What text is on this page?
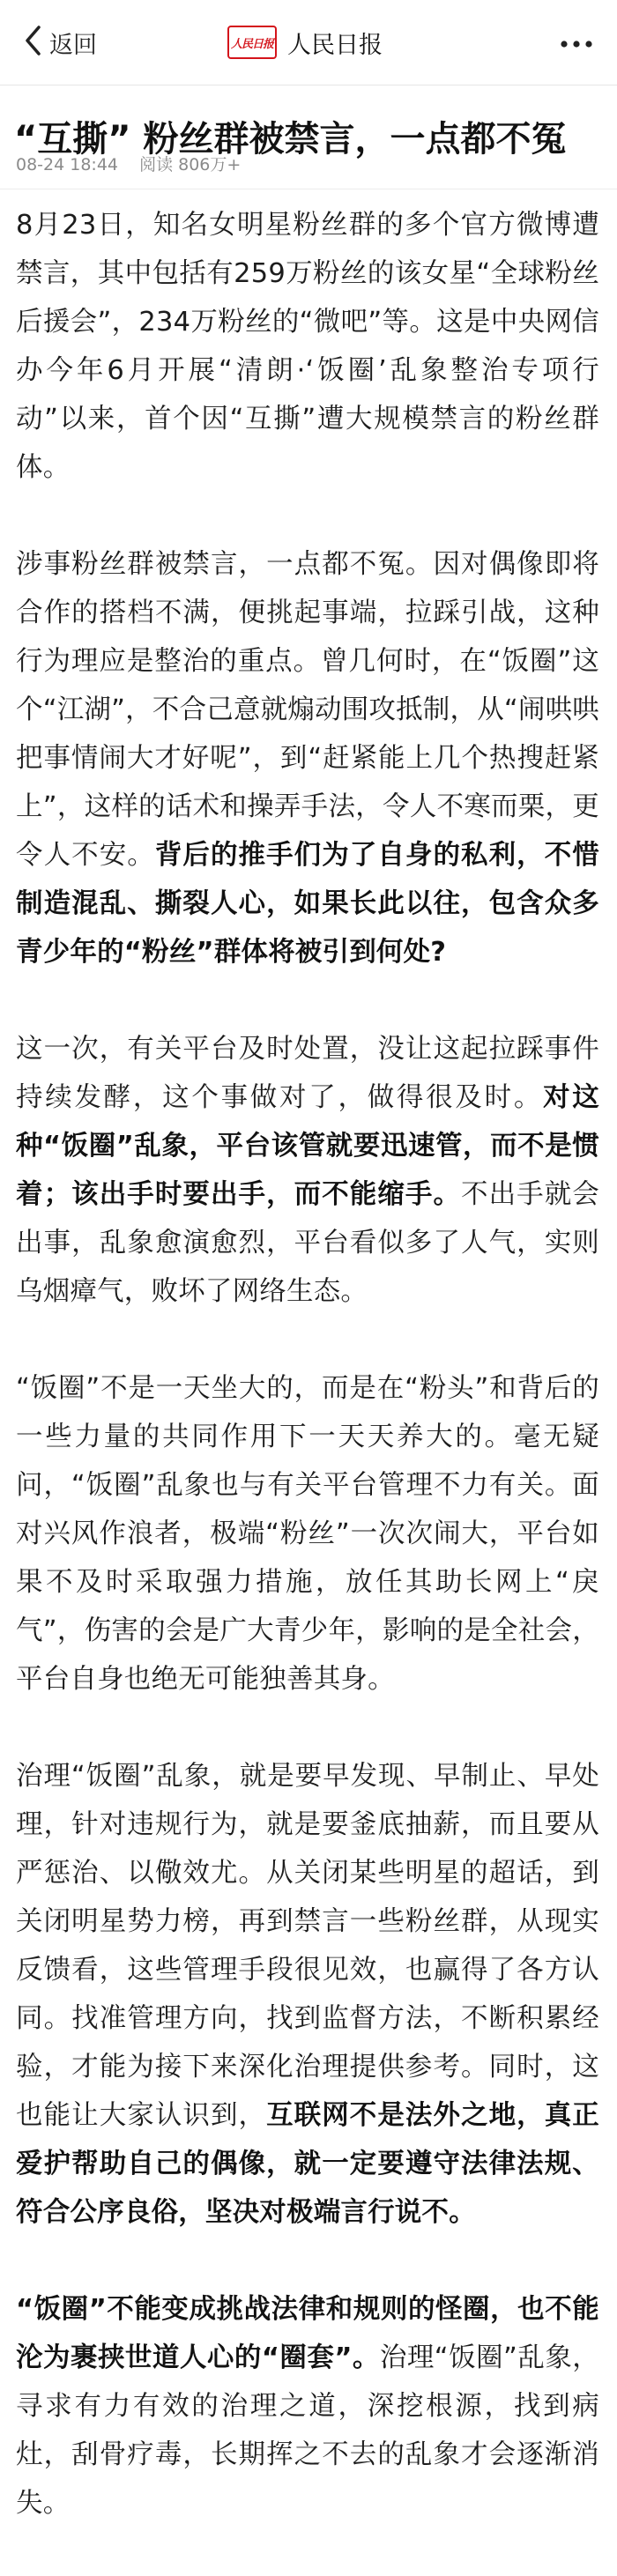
返回	人民日报 人民日报
“互撕” 粉丝群被禁言，一点都不冤
08-24 18:44 阅读 806万+

8月23日，知名女明星粉丝群的多个官方微博遭禁言，其中包括有259万粉丝的该女星“全球粉丝后援会”，234万粉丝的“微吧”等。这是中央网信办今年6月开展“清朗·‘饭圈’乱象整治专项行动”以来，首个因“互撕”遭大规模禁言的粉丝群体。

涉事粉丝群被禁言，一点都不冤。因对偶像即将合作的搭档不满，便挑起事端，拉踩引战，这种行为理应是整治的重点。曾几何时，在“饭圈”这个“江湖”，不合己意就煽动围攻抵制，从“闹哄哄把事情闹大才好呢”，到“赶紧能上几个热搜赶紧上”，这样的话术和操弄手法，令人不寒而栗，更令人不安。背后的推手们为了自身的私利，不惜制造混乱、撕裂人心，如果长此以往，包含众多青少年的“粉丝”群体将被引到何处?

这一次，有关平台及时处置，没让这起拉踩事件持续发酵，这个事做对了，做得很及时。对这种“饭圈”乱象，平台该管就要迅速管，而不是惯着；该出手时要出手，而不能缩手。不出手就会出事，乱象愈演愈烈，平台看似多了人气，实则乌烟瘴气，败坏了网络生态。

“饭圈”不是一天坐大的，而是在“粉头”和背后的一些力量的共同作用下一天天养大的。毫无疑问，“饭圈”乱象也与有关平台管理不力有关。面对兴风作浪者，极端“粉丝”一次次闹大，平台如果不及时采取强力措施，放任其助长网上“戾气”，伤害的会是广大青少年，影响的是全社会，平台自身也绝无可能独善其身。

治理“饭圈”乱象，就是要早发现、早制止、早处理，针对违规行为，就是要釜底抽薪，而且要从严惩治、以儆效尤。从关闭某些明星的超话，到关闭明星势力榜，再到禁言一些粉丝群，从现实反馈看，这些管理手段很见效，也赢得了各方认同。找准管理方向，找到监督方法，不断积累经验，才能为接下来深化治理提供参考。同时，这也能让大家认识到，互联网不是法外之地，真正爱护帮助自己的偶像，就一定要遵守法律法规、符合公序良俗，坚决对极端言行说不。

“饭圈”不能变成挑战法律和规则的怪圈，也不能沦为裹挟世道人心的“圈套”。治理“饭圈”乱象，寻求有力有效的治理之道，深挖根源，找到病灶，刮骨疗毒，长期挥之不去的乱象才会逐渐消失。
